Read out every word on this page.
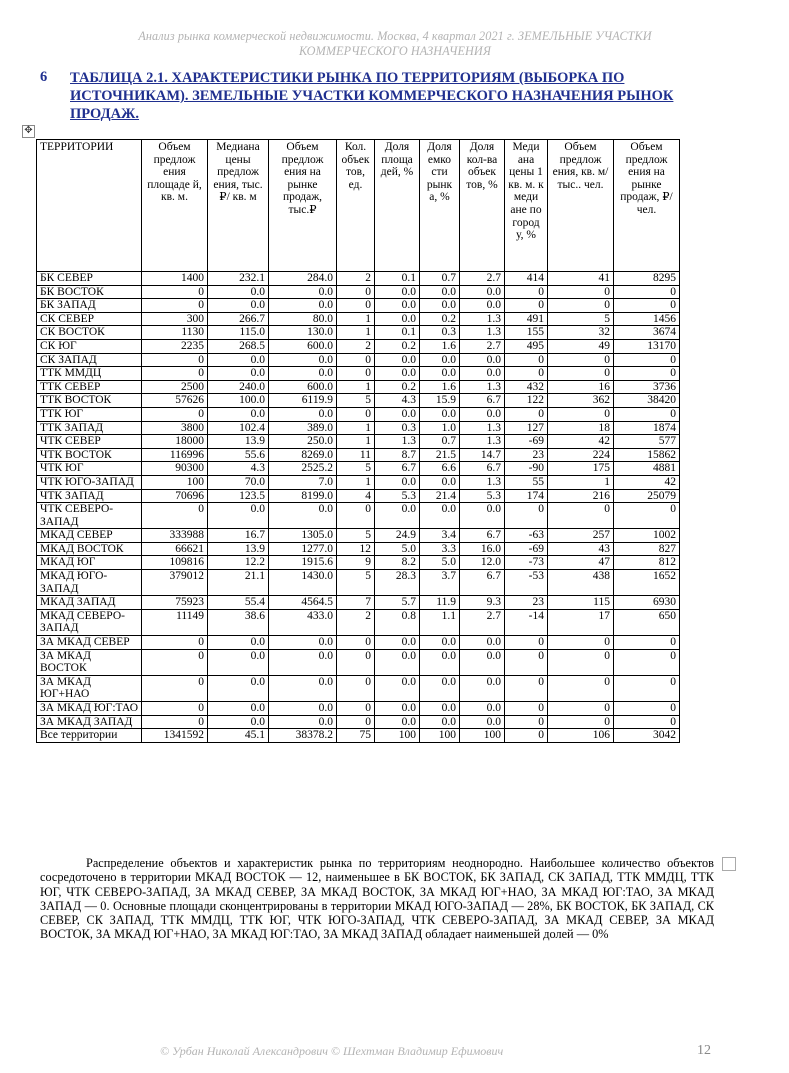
Анализ рынка коммерческой недвижимости. Москва, 4 квартал 2021 г. ЗЕМЕЛЬНЫЕ УЧАСТКИ
КОММЕРЧЕСКОГО НАЗНАЧЕНИЯ
6	ТАБЛИЦА 2.1. ХАРАКТЕРИСТИКИ РЫНКА ПО ТЕРРИТОРИЯМ (ВЫБОРКА ПО ИСТОЧНИКАМ). ЗЕМЕЛЬНЫЕ УЧАСТКИ КОММЕРЧЕСКОГО НАЗНАЧЕНИЯ РЫНОК ПРОДАЖ.
✥
ТЕРРИТОРИИ	Объем предлож ения площаде й, кв. м.	Медиана цены предлож ения, тыс.₽/ кв. м	Объем предлож ения на рынке продаж, тыс.₽	Кол. объек тов, ед.	Доля площа дей, %	Доля емко сти рынк а, %	Доля кол-ва объек тов, %	Меди ана цены 1 кв. м. к меди ане по город у, %	Объем предлож ения, кв. м/ тыс.. чел.	Объем предлож ения на рынке продаж, ₽/чел.
БК СЕВЕР	1400	232.1	284.0	2	0.1	0.7	2.7	414	41	8295
БК ВОСТОК	0	0.0	0.0	0	0.0	0.0	0.0	0	0	0
БК ЗАПАД	0	0.0	0.0	0	0.0	0.0	0.0	0	0	0
СК СЕВЕР	300	266.7	80.0	1	0.0	0.2	1.3	491	5	1456
СК ВОСТОК	1130	115.0	130.0	1	0.1	0.3	1.3	155	32	3674
СК ЮГ	2235	268.5	600.0	2	0.2	1.6	2.7	495	49	13170
СК ЗАПАД	0	0.0	0.0	0	0.0	0.0	0.0	0	0	0
ТТК ММДЦ	0	0.0	0.0	0	0.0	0.0	0.0	0	0	0
ТТК СЕВЕР	2500	240.0	600.0	1	0.2	1.6	1.3	432	16	3736
ТТК ВОСТОК	57626	100.0	6119.9	5	4.3	15.9	6.7	122	362	38420
ТТК ЮГ	0	0.0	0.0	0	0.0	0.0	0.0	0	0	0
ТТК ЗАПАД	3800	102.4	389.0	1	0.3	1.0	1.3	127	18	1874
ЧТК СЕВЕР	18000	13.9	250.0	1	1.3	0.7	1.3	-69	42	577
ЧТК ВОСТОК	116996	55.6	8269.0	11	8.7	21.5	14.7	23	224	15862
ЧТК ЮГ	90300	4.3	2525.2	5	6.7	6.6	6.7	-90	175	4881
ЧТК ЮГО-ЗАПАД	100	70.0	7.0	1	0.0	0.0	1.3	55	1	42
ЧТК ЗАПАД	70696	123.5	8199.0	4	5.3	21.4	5.3	174	216	25079
ЧТК СЕВЕРО-ЗАПАД	0	0.0	0.0	0	0.0	0.0	0.0	0	0	0
МКАД СЕВЕР	333988	16.7	1305.0	5	24.9	3.4	6.7	-63	257	1002
МКАД ВОСТОК	66621	13.9	1277.0	12	5.0	3.3	16.0	-69	43	827
МКАД ЮГ	109816	12.2	1915.6	9	8.2	5.0	12.0	-73	47	812
МКАД ЮГО-ЗАПАД	379012	21.1	1430.0	5	28.3	3.7	6.7	-53	438	1652
МКАД ЗАПАД	75923	55.4	4564.5	7	5.7	11.9	9.3	23	115	6930
МКАД СЕВЕРО-ЗАПАД	11149	38.6	433.0	2	0.8	1.1	2.7	-14	17	650
ЗА МКАД СЕВЕР	0	0.0	0.0	0	0.0	0.0	0.0	0	0	0
ЗА МКАД ВОСТОК	0	0.0	0.0	0	0.0	0.0	0.0	0	0	0
ЗА МКАД ЮГ+НАО	0	0.0	0.0	0	0.0	0.0	0.0	0	0	0
ЗА МКАД ЮГ:ТАО	0	0.0	0.0	0	0.0	0.0	0.0	0	0	0
ЗА МКАД ЗАПАД	0	0.0	0.0	0	0.0	0.0	0.0	0	0	0
Все территории	1341592	45.1	38378.2	75	100	100	100	0	106	3042
Распределение объектов и характеристик рынка по территориям неоднородно. Наибольшее количество объектов сосредоточено в территории МКАД ВОСТОК — 12, наименьшее в БК ВОСТОК, БК ЗАПАД, СК ЗАПАД, ТТК ММДЦ, ТТК ЮГ, ЧТК СЕВЕРО-ЗАПАД, ЗА МКАД СЕВЕР, ЗА МКАД ВОСТОК, ЗА МКАД ЮГ+НАО, ЗА МКАД ЮГ:ТАО, ЗА МКАД ЗАПАД — 0. Основные площади сконцентрированы в территории МКАД ЮГО-ЗАПАД — 28%, БК ВОСТОК, БК ЗАПАД, СК СЕВЕР, СК ЗАПАД, ТТК ММДЦ, ТТК ЮГ, ЧТК ЮГО-ЗАПАД, ЧТК СЕВЕРО-ЗАПАД, ЗА МКАД СЕВЕР, ЗА МКАД ВОСТОК, ЗА МКАД ЮГ+НАО, ЗА МКАД ЮГ:ТАО, ЗА МКАД ЗАПАД обладает наименьшей долей — 0%
© Урбан Николай Александрович © Шехтман Владимир Ефимович	12
